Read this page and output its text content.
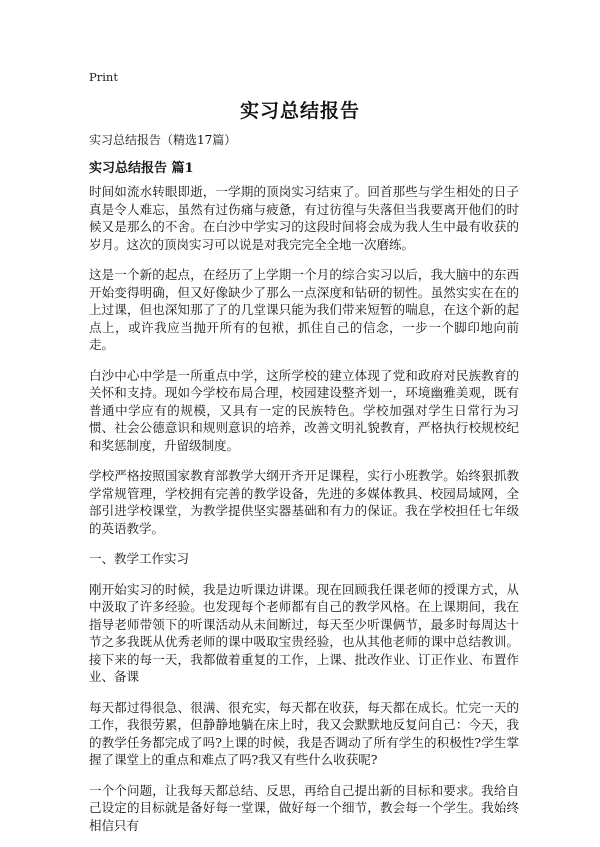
Print
实习总结报告
实习总结报告（精选17篇）
实习总结报告 篇1

时间如流水转眼即逝，一学期的顶岗实习结束了。回首那些与学生相处的日子真是令人难忘，虽然有过伤痛与疲惫，有过彷徨与失落但当我要离开他们的时候又是那么的不舍。在白沙中学实习的这段时间将会成为我人生中最有收获的岁月。这次的顶岗实习可以说是对我完完全全地一次磨练。

这是一个新的起点，在经历了上学期一个月的综合实习以后，我大脑中的东西开始变得明确，但又好像缺少了那么一点深度和钻研的韧性。虽然实实在在的上过课，但也深知那了了的几堂课只能为我们带来短暂的喘息，在这个新的起点上，或许我应当抛开所有的包袱，抓住自己的信念，一步一个脚印地向前走。

白沙中心中学是一所重点中学，这所学校的建立体现了党和政府对民族教育的关怀和支持。现如今学校布局合理，校园建设整齐划一，环境幽雅美观，既有普通中学应有的规模，又具有一定的民族特色。学校加强对学生日常行为习惯、社会公德意识和规则意识的培养，改善文明礼貌教育，严格执行校规校纪和奖惩制度，升留级制度。

学校严格按照国家教育部教学大纲开齐开足课程，实行小班教学。始终狠抓教学常规管理，学校拥有完善的教学设备，先进的多媒体教具、校园局域网，全部引进学校课堂，为教学提供坚实器基础和有力的保证。我在学校担任七年级的英语教学。

一、教学工作实习

刚开始实习的时候，我是边听课边讲课。现在回顾我任课老师的授课方式，从中汲取了许多经验。也发现每个老师都有自己的教学风格。在上课期间，我在指导老师带领下的听课活动从未间断过，每天至少听课俩节，最多时每周达十节之多我既从优秀老师的课中吸取宝贵经验，也从其他老师的课中总结教训。接下来的每一天，我都做着重复的工作，上课、批改作业、订正作业、布置作业、备课

每天都过得很急、很满、很充实，每天都在收获，每天都在成长。忙完一天的工作，我很劳累，但静静地躺在床上时，我又会默默地反复问自己：今天，我的教学任务都完成了吗?上课的时候，我是否调动了所有学生的积极性?学生掌握了课堂上的重点和难点了吗?我又有些什么收获呢?

一个个问题，让我每天都总结、反思，再给自己提出新的目标和要求。我给自己设定的目标就是备好每一堂课，做好每一个细节，教会每一个学生。我始终相信只有
